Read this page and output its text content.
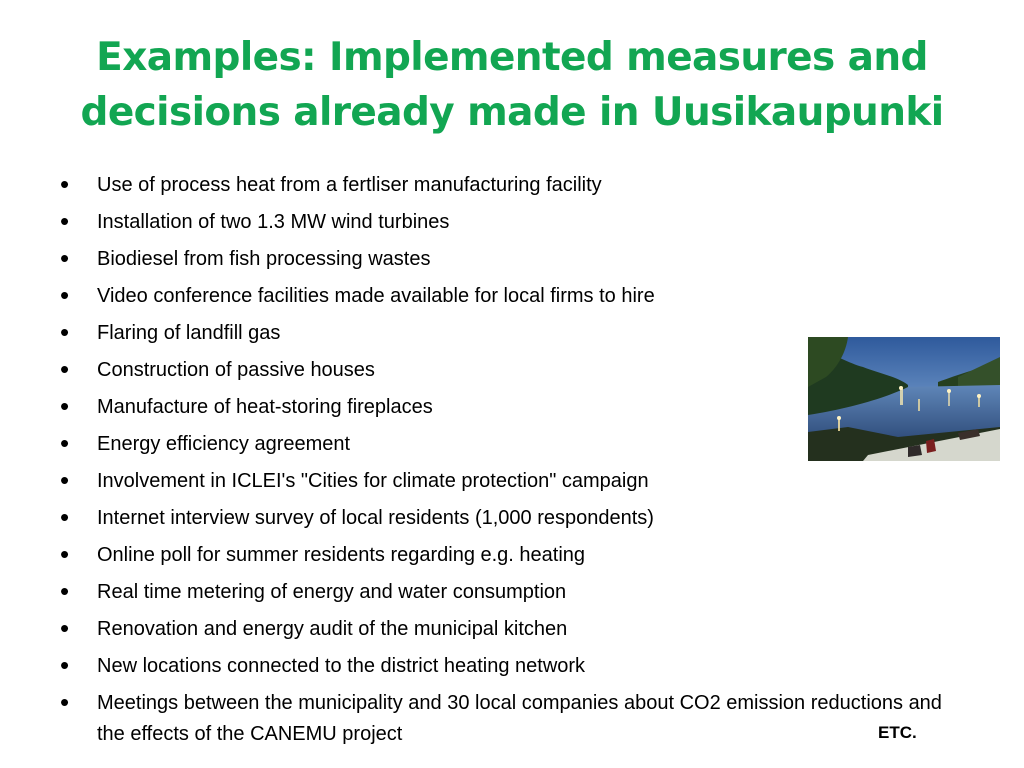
Examples: Implemented measures and decisions already made in Uusikaupunki
• Use of process heat from a fertliser manufacturing facility
• Installation of two 1.3 MW wind turbines
• Biodiesel from fish processing wastes
• Video conference facilities made available for local firms to hire
• Flaring of landfill gas
• Construction of passive houses
• Manufacture of heat-storing fireplaces
• Energy efficiency agreement
• Involvement in ICLEI's "Cities for climate protection" campaign
• Internet interview survey of local residents (1,000 respondents)
• Online poll for summer residents regarding e.g. heating
• Real time metering of energy and water consumption
• Renovation and energy audit of the municipal kitchen
• New locations connected to the district heating network
• Meetings between the municipality and 30 local companies about CO2 emission reductions and the effects of the CANEMU project	ETC.
